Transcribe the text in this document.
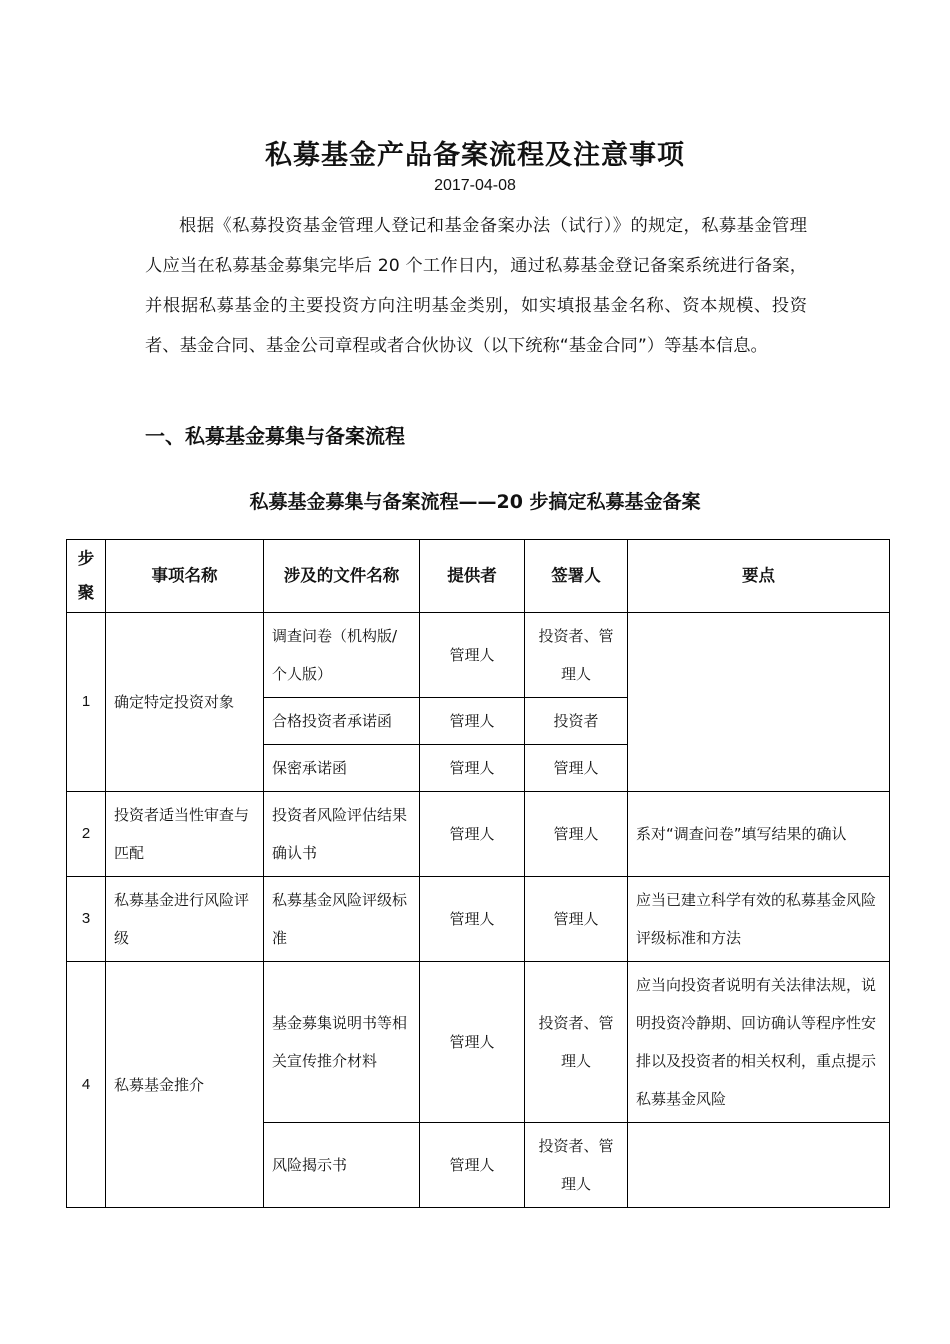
私募基金产品备案流程及注意事项
2017-04-08

根据《私募投资基金管理人登记和基金备案办法（试行）》的规定，私募基金管理人应当在私募基金募集完毕后 20 个工作日内，通过私募基金登记备案系统进行备案，并根据私募基金的主要投资方向注明基金类别，如实填报基金名称、资本规模、投资者、基金合同、基金公司章程或者合伙协议（以下统称“基金合同”）等基本信息。

一、私募基金募集与备案流程
私募基金募集与备案流程——20 步搞定私募基金备案
步聚	事项名称	涉及的文件名称	提供者	签署人	要点
1	确定特定投资对象	调查问卷（机构版/个人版）	管理人	投资者、管理人	
		合格投资者承诺函	管理人	投资者	
		保密承诺函	管理人	管理人	
2	投资者适当性审查与匹配	投资者风险评估结果确认书	管理人	管理人	系对“调查问卷”填写结果的确认
3	私募基金进行风险评级	私募基金风险评级标准	管理人	管理人	应当已建立科学有效的私募基金风险评级标准和方法
4	私募基金推介	基金募集说明书等相关宣传推介材料	管理人	投资者、管理人	应当向投资者说明有关法律法规，说明投资冷静期、回访确认等程序性安排以及投资者的相关权利，重点提示私募基金风险
		风险揭示书	管理人	投资者、管理人	
